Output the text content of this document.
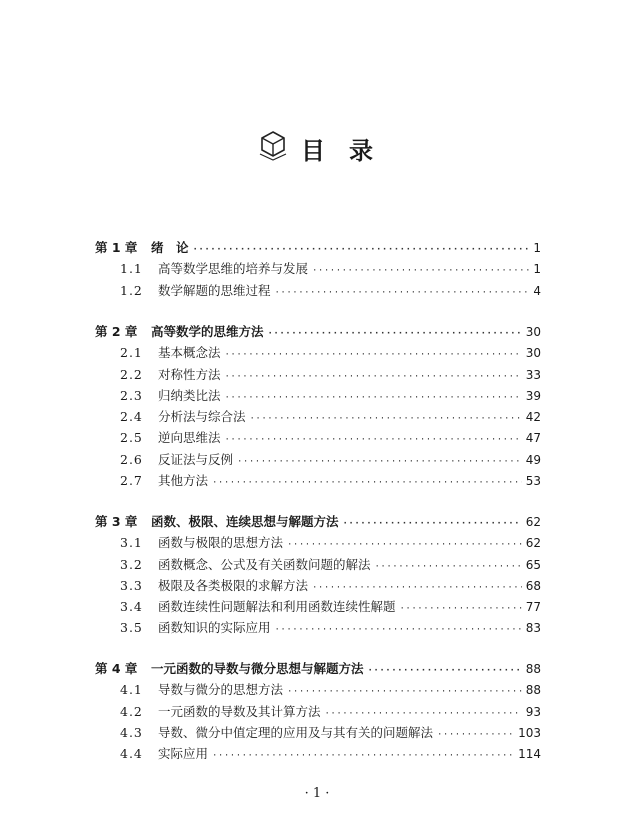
目 录
第 1 章	绪　论 ·····	1
1.1	高等数学思维的培养与发展 ·····	1
1.2	数学解题的思维过程 ·····	4
第 2 章	高等数学的思维方法 ·····	30
2.1	基本概念法 ·····	30
2.2	对称性方法 ·····	33
2.3	归纳类比法 ·····	39
2.4	分析法与综合法 ·····	42
2.5	逆向思维法 ·····	47
2.6	反证法与反例 ·····	49
2.7	其他方法 ·····	53
第 3 章	函数、极限、连续思想与解题方法 ·····	62
3.1	函数与极限的思想方法 ·····	62
3.2	函数概念、公式及有关函数问题的解法 ·····	65
3.3	极限及各类极限的求解方法 ·····	68
3.4	函数连续性问题解法和利用函数连续性解题 ·····	77
3.5	函数知识的实际应用 ·····	83
第 4 章	一元函数的导数与微分思想与解题方法 ·····	88
4.1	导数与微分的思想方法 ·····	88
4.2	一元函数的导数及其计算方法 ·····	93
4.3	导数、微分中值定理的应用及与其有关的问题解法 ·····	103
4.4	实际应用 ·····	114
· 1 ·
